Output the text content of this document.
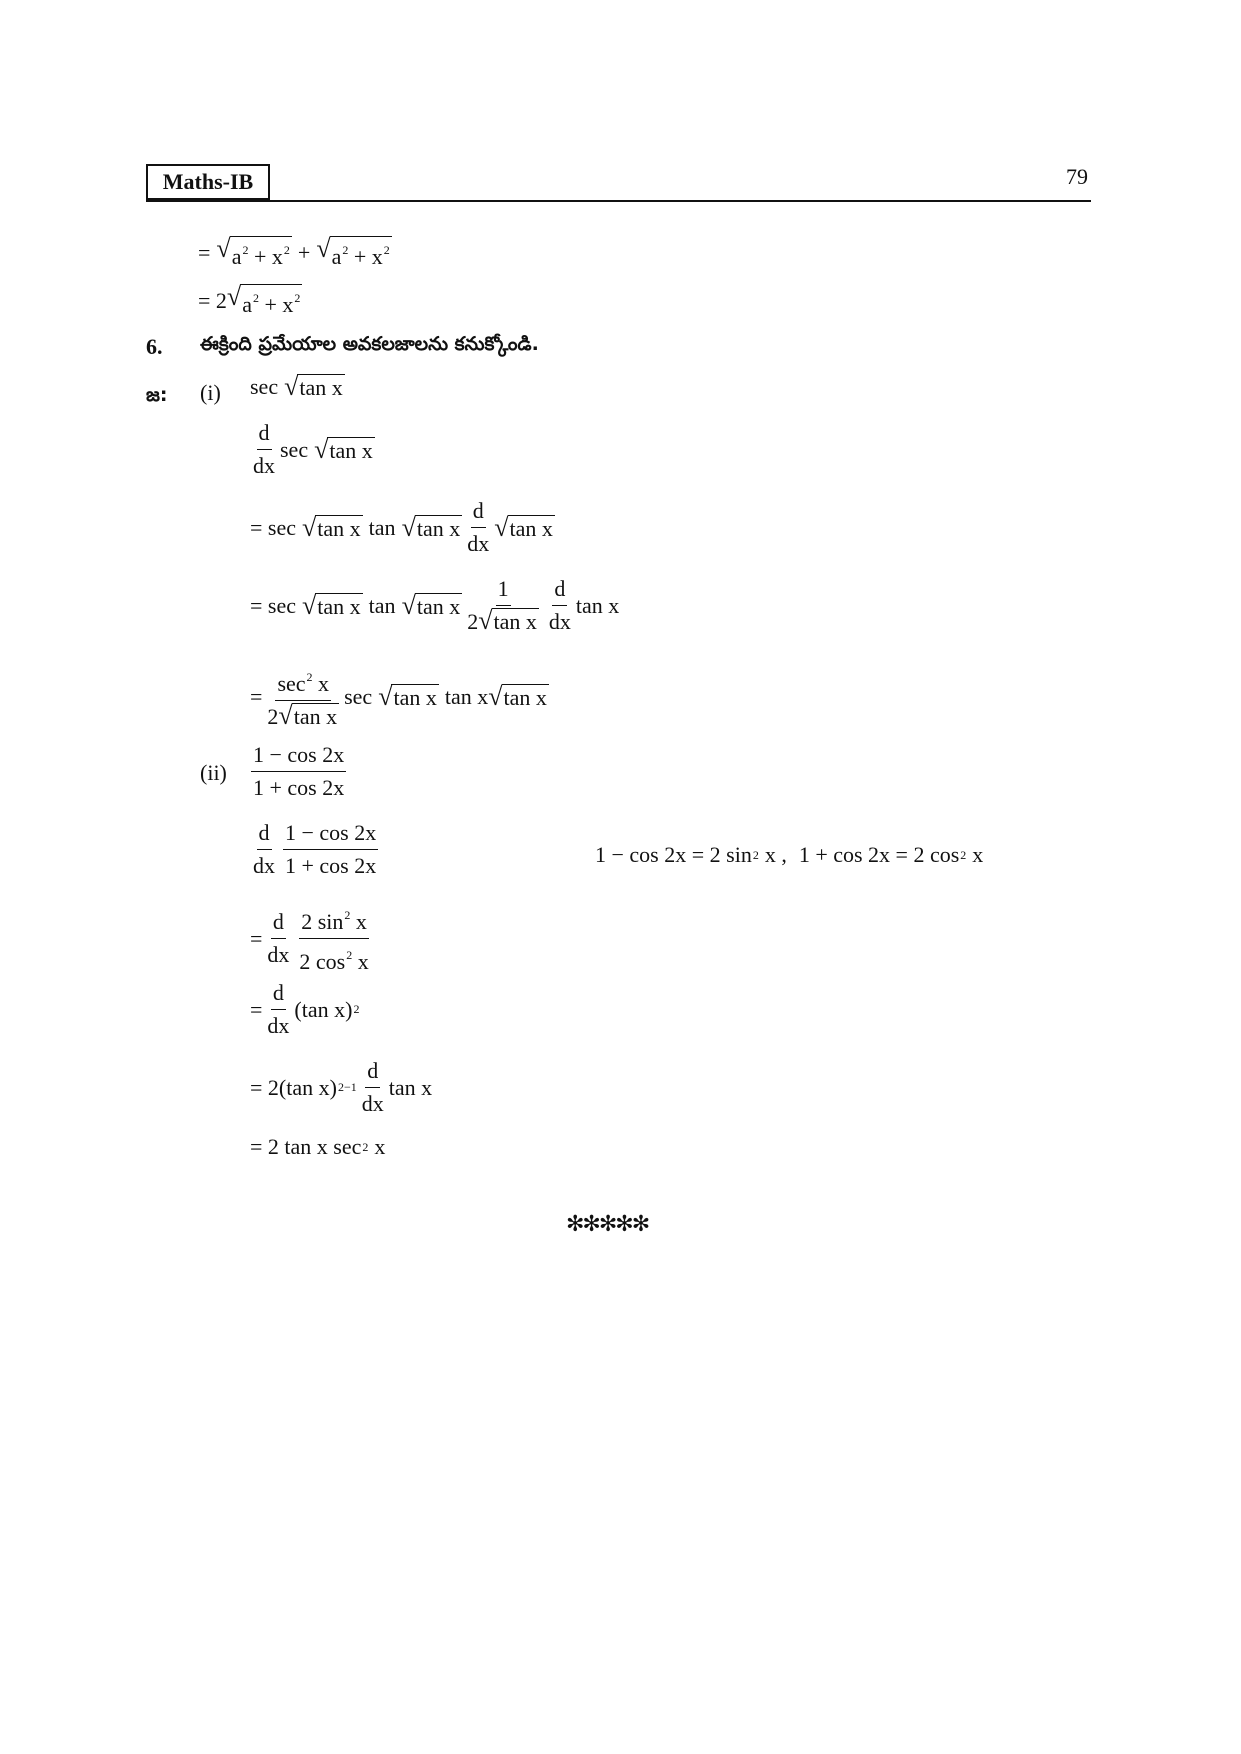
Maths-IB	79
= √ $a^2 + x^2$ + √ $a^2 + x^2$
= 2 √ $a^2 + x^2$
6. ఈక్రింది ప్రమేయాల అవకలజాలను కనుక్కోండి.
జ: (i) sec √ tan x
$\frac{d}{dx}$ sec √ tan x
= sec √ tan x tan √ tan x $\frac{d}{dx}$ √ tan x
= sec √ tan x tan √ tan x $\frac{1}{\text{2 √ tan x}} \frac{d}{dx}$ tan x
= $\frac{\sec^2 x}{\text{2 √ tan x}}$ sec √ tan x tan x √ tan x
$(ii) \frac{1 - \cos 2x}{1 + \cos 2x}$
$\frac{d}{dx} \frac{1 - \cos 2x}{1 + \cos 2x}$	1 − cos 2x = 2 sin 2 x , 1 + cos 2x = 2 cos 2 x
= $\frac{d}{dx} \frac{2 \sin^2 x}{2 \cos^2 x}$
= $\frac{d}{dx} (\tan$ x) 2
= 2(tan x) $2-1 \frac{d}{dx}$ tan x
= 2 tan x sec 2 x
✻✻✻✻✻
